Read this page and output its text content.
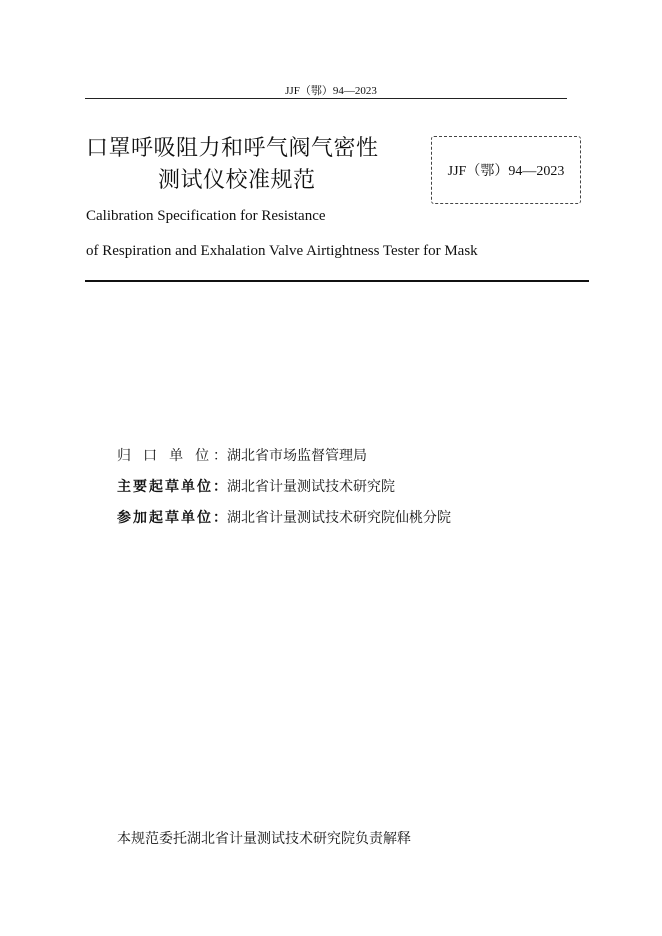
JJF（鄂）94—2023
口罩呼吸阻力和呼气阀气密性
测试仪校准规范	JJF（鄂）94—2023
Calibration Specification for Resistance
of Respiration and Exhalation Valve Airtightness Tester for Mask
归 口 单 位： 湖北省市场监督管理局
主要起草单位： 湖北省计量测试技术研究院
参加起草单位： 湖北省计量测试技术研究院仙桃分院
本规范委托湖北省计量测试技术研究院负责解释
